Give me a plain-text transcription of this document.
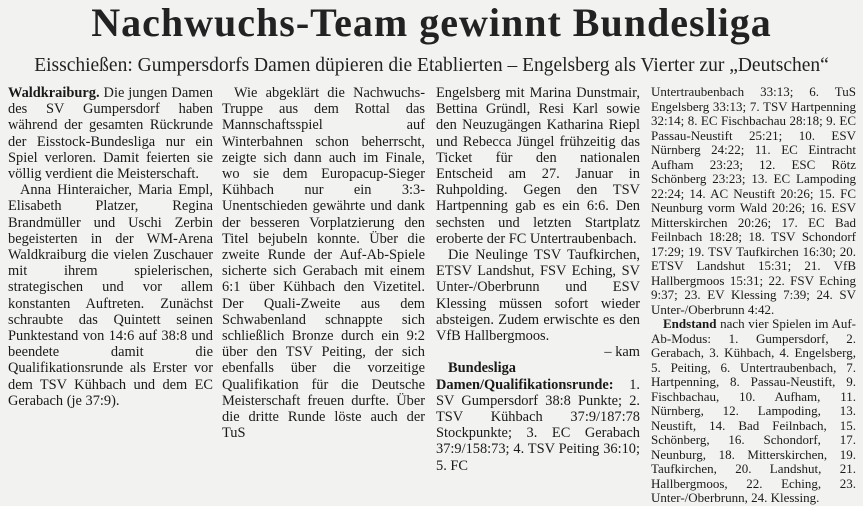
Nachwuchs-Team gewinnt Bundesliga
Eisschießen: Gumpersdorfs Damen düpieren die Etablierten – Engelsberg als Vierter zur „Deutschen“

Waldkraiburg. Die jungen Damen des SV Gumpersdorf haben während der gesamten Rückrunde der Eisstock-Bundesliga nur ein Spiel verloren. Damit feierten sie völlig verdient die Meisterschaft.

Anna Hinteraicher, Maria Empl, Elisabeth Platzer, Regina Brandmüller und Uschi Zerbin begeisterten in der WM-Arena Waldkraiburg die vielen Zuschauer mit ihrem spielerischen, strategischen und vor allem konstanten Auftreten. Zunächst schraubte das Quintett seinen Punktestand von 14:6 auf 38:8 und beendete damit die Qualifikationsrunde als Erster vor dem TSV Kühbach und dem EC Gerabach (je 37:9).

Wie abgeklärt die Nachwuchs-Truppe aus dem Rottal das Mannschaftsspiel auf Winterbahnen schon beherrscht, zeigte sich dann auch im Finale, wo sie dem Europacup-Sieger Kühbach nur ein 3:3-Unentschieden gewährte und dank der besseren Vorplatzierung den Titel bejubeln konnte. Über die zweite Runde der Auf-Ab-Spiele sicherte sich Gerabach mit einem 6:1 über Kühbach den Vizetitel. Der Quali-Zweite aus dem Schwabenland schnappte sich schließlich Bronze durch ein 9:2 über den TSV Peiting, der sich ebenfalls über die vorzeitige Qualifikation für die Deutsche Meisterschaft freuen durfte. Über die dritte Runde löste auch der TuS

Engelsberg mit Marina Dunstmair, Bettina Gründl, Resi Karl sowie den Neuzugängen Katharina Riepl und Rebecca Jüngel frühzeitig das Ticket für den nationalen Entscheid am 27. Januar in Ruhpolding. Gegen den TSV Hartpenning gab es ein 6:6. Den sechsten und letzten Startplatz eroberte der FC Untertraubenbach.

Die Neulinge TSV Taufkirchen, ETSV Landshut, FSV Eching, SV Unter-/Oberbrunn und ESV Klessing müssen sofort wieder absteigen. Zudem erwischte es den VfB Hallbergmoos.
– kam

Bundesliga Damen/Qualifikationsrunde: 1. SV Gumpersdorf 38:8 Punkte; 2. TSV Kühbach 37:9/187:78 Stockpunkte; 3. EC Gerabach 37:9/158:73; 4. TSV Peiting 36:10; 5. FC

Untertraubenbach 33:13; 6. TuS Engelsberg 33:13; 7. TSV Hartpenning 32:14; 8. EC Fischbachau 28:18; 9. EC Passau-Neustift 25:21; 10. ESV Nürnberg 24:22; 11. EC Eintracht Aufham 23:23; 12. ESC Rötz Schönberg 23:23; 13. EC Lampoding 22:24; 14. AC Neustift 20:26; 15. FC Neunburg vorm Wald 20:26; 16. ESV Mitterskirchen 20:26; 17. EC Bad Feilnbach 18:28; 18. TSV Schondorf 17:29; 19. TSV Taufkirchen 16:30; 20. ETSV Landshut 15:31; 21. VfB Hallbergmoos 15:31; 22. FSV Eching 9:37; 23. EV Klessing 7:39; 24. SV Unter-/Oberbrunn 4:42.

Endstand nach vier Spielen im Auf-Ab-Modus: 1. Gumpersdorf, 2. Gerabach, 3. Kühbach, 4. Engelsberg, 5. Peiting, 6. Untertraubenbach, 7. Hartpenning, 8. Passau-Neustift, 9. Fischbachau, 10. Aufham, 11. Nürnberg, 12. Lampoding, 13. Neustift, 14. Bad Feilnbach, 15. Schönberg, 16. Schondorf, 17. Neunburg, 18. Mitterskirchen, 19. Taufkirchen, 20. Landshut, 21. Hallbergmoos, 22. Eching, 23. Unter-/Oberbrunn, 24. Klessing.
